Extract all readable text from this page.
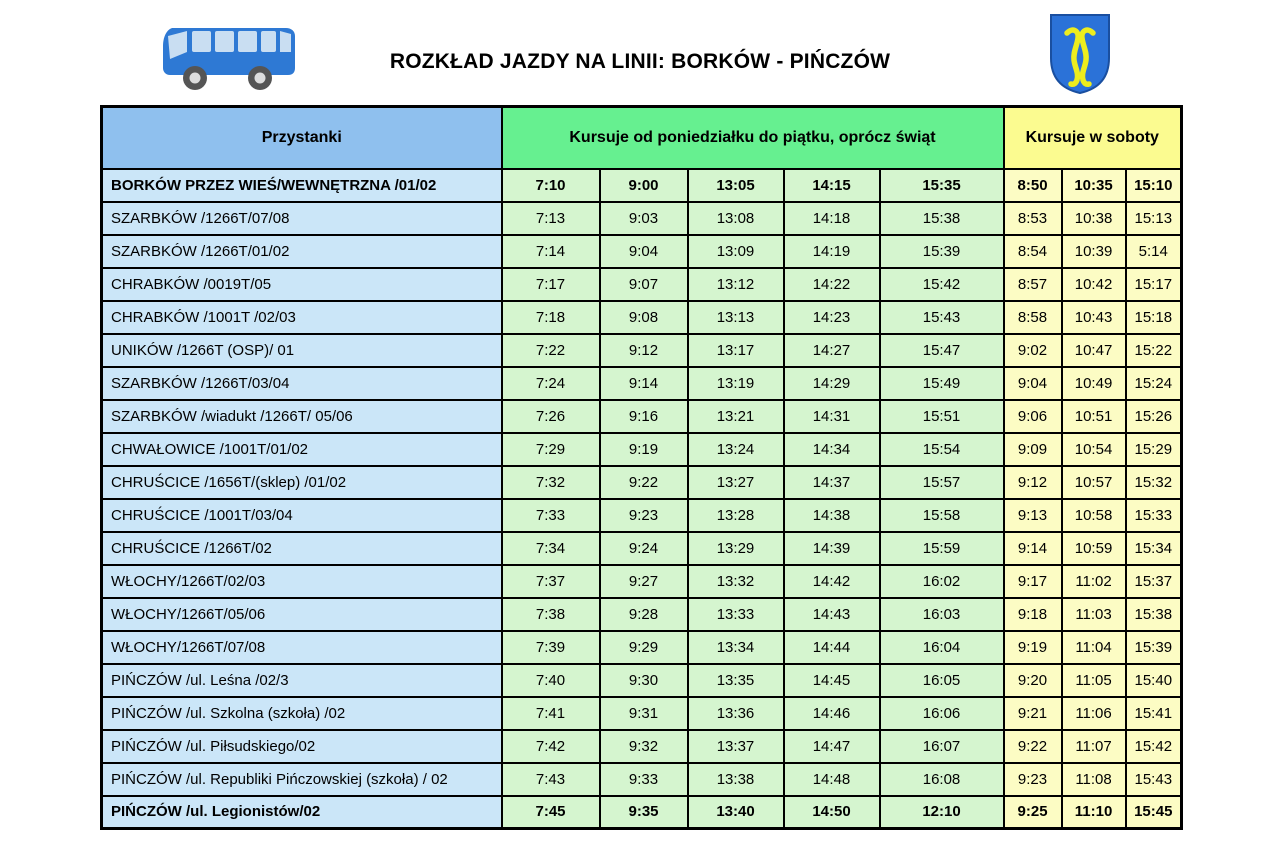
ROZKŁAD JAZDY NA LINII: BORKÓW - PIŃCZÓW
Przystanki	Kursuje od poniedziałku do piątku, oprócz świąt					Kursuje w soboty		
BORKÓW PRZEZ WIEŚ/WEWNĘTRZNA /01/02	7:10	9:00	13:05	14:15	15:35	8:50	10:35	15:10
SZARBKÓW /1266T/07/08	7:13	9:03	13:08	14:18	15:38	8:53	10:38	15:13
SZARBKÓW /1266T/01/02	7:14	9:04	13:09	14:19	15:39	8:54	10:39	5:14
CHRABKÓW /0019T/05	7:17	9:07	13:12	14:22	15:42	8:57	10:42	15:17
CHRABKÓW /1001T /02/03	7:18	9:08	13:13	14:23	15:43	8:58	10:43	15:18
UNIKÓW /1266T (OSP)/ 01	7:22	9:12	13:17	14:27	15:47	9:02	10:47	15:22
SZARBKÓW /1266T/03/04	7:24	9:14	13:19	14:29	15:49	9:04	10:49	15:24
SZARBKÓW /wiadukt /1266T/ 05/06	7:26	9:16	13:21	14:31	15:51	9:06	10:51	15:26
CHWAŁOWICE /1001T/01/02	7:29	9:19	13:24	14:34	15:54	9:09	10:54	15:29
CHRUŚCICE /1656T/(sklep) /01/02	7:32	9:22	13:27	14:37	15:57	9:12	10:57	15:32
CHRUŚCICE /1001T/03/04	7:33	9:23	13:28	14:38	15:58	9:13	10:58	15:33
CHRUŚCICE /1266T/02	7:34	9:24	13:29	14:39	15:59	9:14	10:59	15:34
WŁOCHY/1266T/02/03	7:37	9:27	13:32	14:42	16:02	9:17	11:02	15:37
WŁOCHY/1266T/05/06	7:38	9:28	13:33	14:43	16:03	9:18	11:03	15:38
WŁOCHY/1266T/07/08	7:39	9:29	13:34	14:44	16:04	9:19	11:04	15:39
PIŃCZÓW /ul. Leśna /02/3	7:40	9:30	13:35	14:45	16:05	9:20	11:05	15:40
PIŃCZÓW /ul. Szkolna (szkoła) /02	7:41	9:31	13:36	14:46	16:06	9:21	11:06	15:41
PIŃCZÓW /ul. Piłsudskiego/02	7:42	9:32	13:37	14:47	16:07	9:22	11:07	15:42
PIŃCZÓW /ul. Republiki Pińczowskiej (szkoła) / 02	7:43	9:33	13:38	14:48	16:08	9:23	11:08	15:43
PIŃCZÓW /ul. Legionistów/02	7:45	9:35	13:40	14:50	12:10	9:25	11:10	15:45
